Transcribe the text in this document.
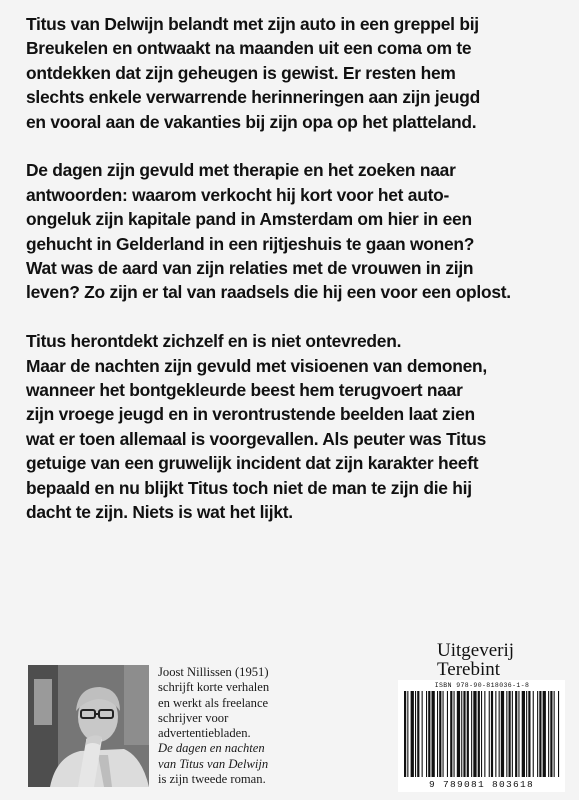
Titus van Delwijn belandt met zijn auto in een greppel bij
Breukelen en ontwaakt na maanden uit een coma om te
ontdekken dat zijn geheugen is gewist. Er resten hem
slechts enkele verwarrende herinneringen aan zijn jeugd
en vooral aan de vakanties bij zijn opa op het platteland.

De dagen zijn gevuld met therapie en het zoeken naar
antwoorden: waarom verkocht hij kort voor het auto-
ongeluk zijn kapitale pand in Amsterdam om hier in een
gehucht in Gelderland in een rijtjeshuis te gaan wonen?
Wat was de aard van zijn relaties met de vrouwen in zijn
leven? Zo zijn er tal van raadsels die hij een voor een oplost.

Titus herontdekt zichzelf en is niet ontevreden.
Maar de nachten zijn gevuld met visioenen van demonen,
wanneer het bontgekleurde beest hem terugvoert naar
zijn vroege jeugd en in verontrustende beelden laat zien
wat er toen allemaal is voorgevallen. Als peuter was Titus
getuige van een gruwelijk incident dat zijn karakter heeft
bepaald en nu blijkt Titus toch niet de man te zijn die hij
dacht te zijn. Niets is wat het lijkt.

Joost Nillissen (1951)
schrijft korte verhalen
en werkt als freelance
schrijver voor
advertentiebladen.
De dagen en nachten
van Titus van Delwijn
is zijn tweede roman.
Uitgeverij
Terebint
ISBN 978-90-818036-1-8
9 789081 803618
